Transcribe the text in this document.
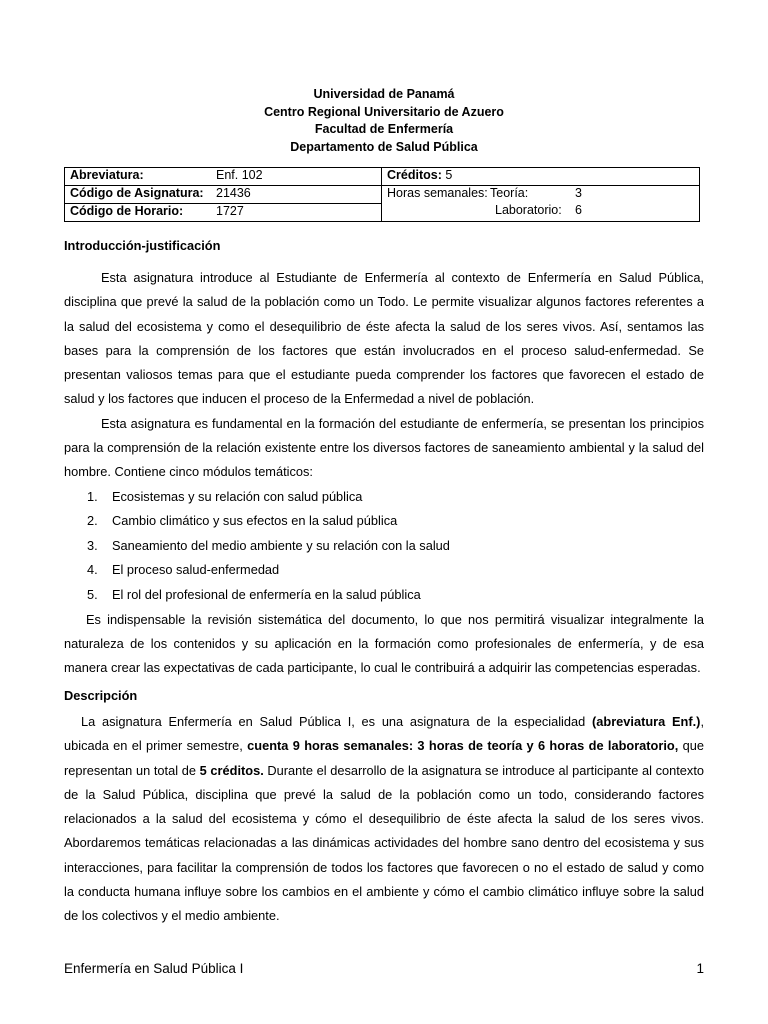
Universidad de Panamá
Centro Regional Universitario de Azuero
Facultad de Enfermería
Departamento de Salud Pública
Abreviatura: Enf. 102	Créditos: 5
Código de Asignatura: 21436	Horas semanales: Teoría: 3
Laboratorio: 6

Código de Horario: 1727	
Introducción-justificación

Esta asignatura introduce al Estudiante de Enfermería al contexto de Enfermería en Salud Pública, disciplina que prevé la salud de la población como un Todo. Le permite visualizar algunos factores referentes a la salud del ecosistema y como el desequilibrio de éste afecta la salud de los seres vivos. Así, sentamos las bases para la comprensión de los factores que están involucrados en el proceso salud-enfermedad. Se presentan valiosos temas para que el estudiante pueda comprender los factores que favorecen el estado de salud y los factores que inducen el proceso de la Enfermedad a nivel de población.

Esta asignatura es fundamental en la formación del estudiante de enfermería, se presentan los principios para la comprensión de la relación existente entre los diversos factores de saneamiento ambiental y la salud del hombre. Contiene cinco módulos temáticos:

1. Ecosistemas y su relación con salud pública
2. Cambio climático y sus efectos en la salud pública
3. Saneamiento del medio ambiente y su relación con la salud
4. El proceso salud-enfermedad
5. El rol del profesional de enfermería en la salud pública

Es indispensable la revisión sistemática del documento, lo que nos permitirá visualizar integralmente la naturaleza de los contenidos y su aplicación en la formación como profesionales de enfermería, y de esa manera crear las expectativas de cada participante, lo cual le contribuirá a adquirir las competencias esperadas.

Descripción

La asignatura Enfermería en Salud Pública I, es una asignatura de la especialidad (abreviatura Enf.), ubicada en el primer semestre, cuenta 9 horas semanales: 3 horas de teoría y 6 horas de laboratorio, que representan un total de 5 créditos. Durante el desarrollo de la asignatura se introduce al participante al contexto de la Salud Pública, disciplina que prevé la salud de la población como un todo, considerando factores relacionados a la salud del ecosistema y cómo el desequilibrio de éste afecta la salud de los seres vivos. Abordaremos temáticas relacionadas a las dinámicas actividades del hombre sano dentro del ecosistema y sus interacciones, para facilitar la comprensión de todos los factores que favorecen o no el estado de salud y como la conducta humana influye sobre los cambios en el ambiente y cómo el cambio climático influye sobre la salud de los colectivos y el medio ambiente.

Enfermería en Salud Pública I	1
